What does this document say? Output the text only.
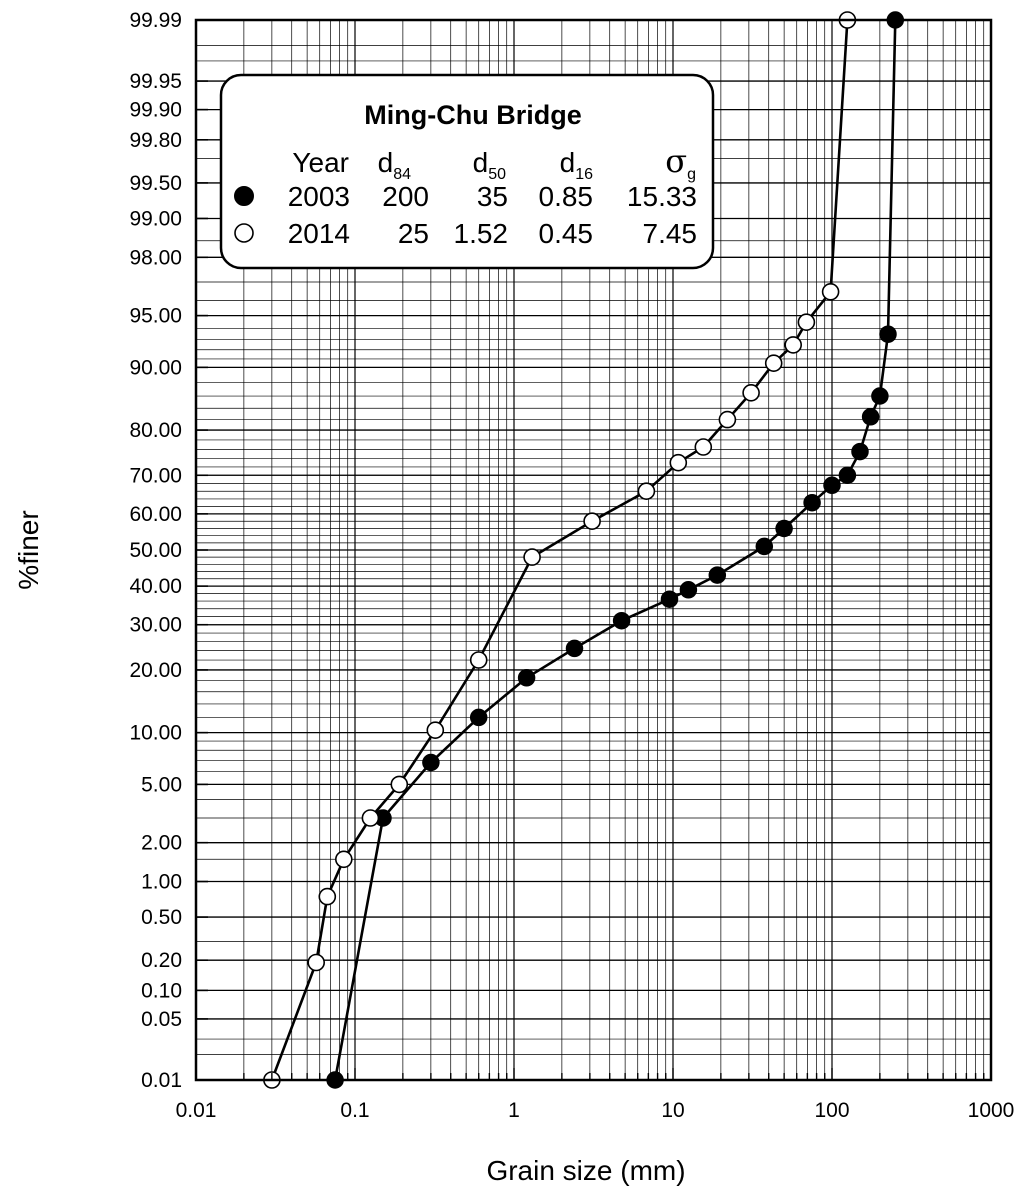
0.01	0.1	1	10	100	1000
0.01
0.05
0.10
0.20
0.50
1.00
2.00
5.00
10.00
20.00
30.00
40.00
50.00
60.00
70.00
80.00
90.00
95.00
98.00
99.00
99.50
99.80
99.90
99.95
99.99
Grain size (mm)
%finer
Ming-Chu Bridge
Year d84 d50 d16 σg
2003 200 35 0.85 15.33
2014 25 1.52 0.45 7.45
